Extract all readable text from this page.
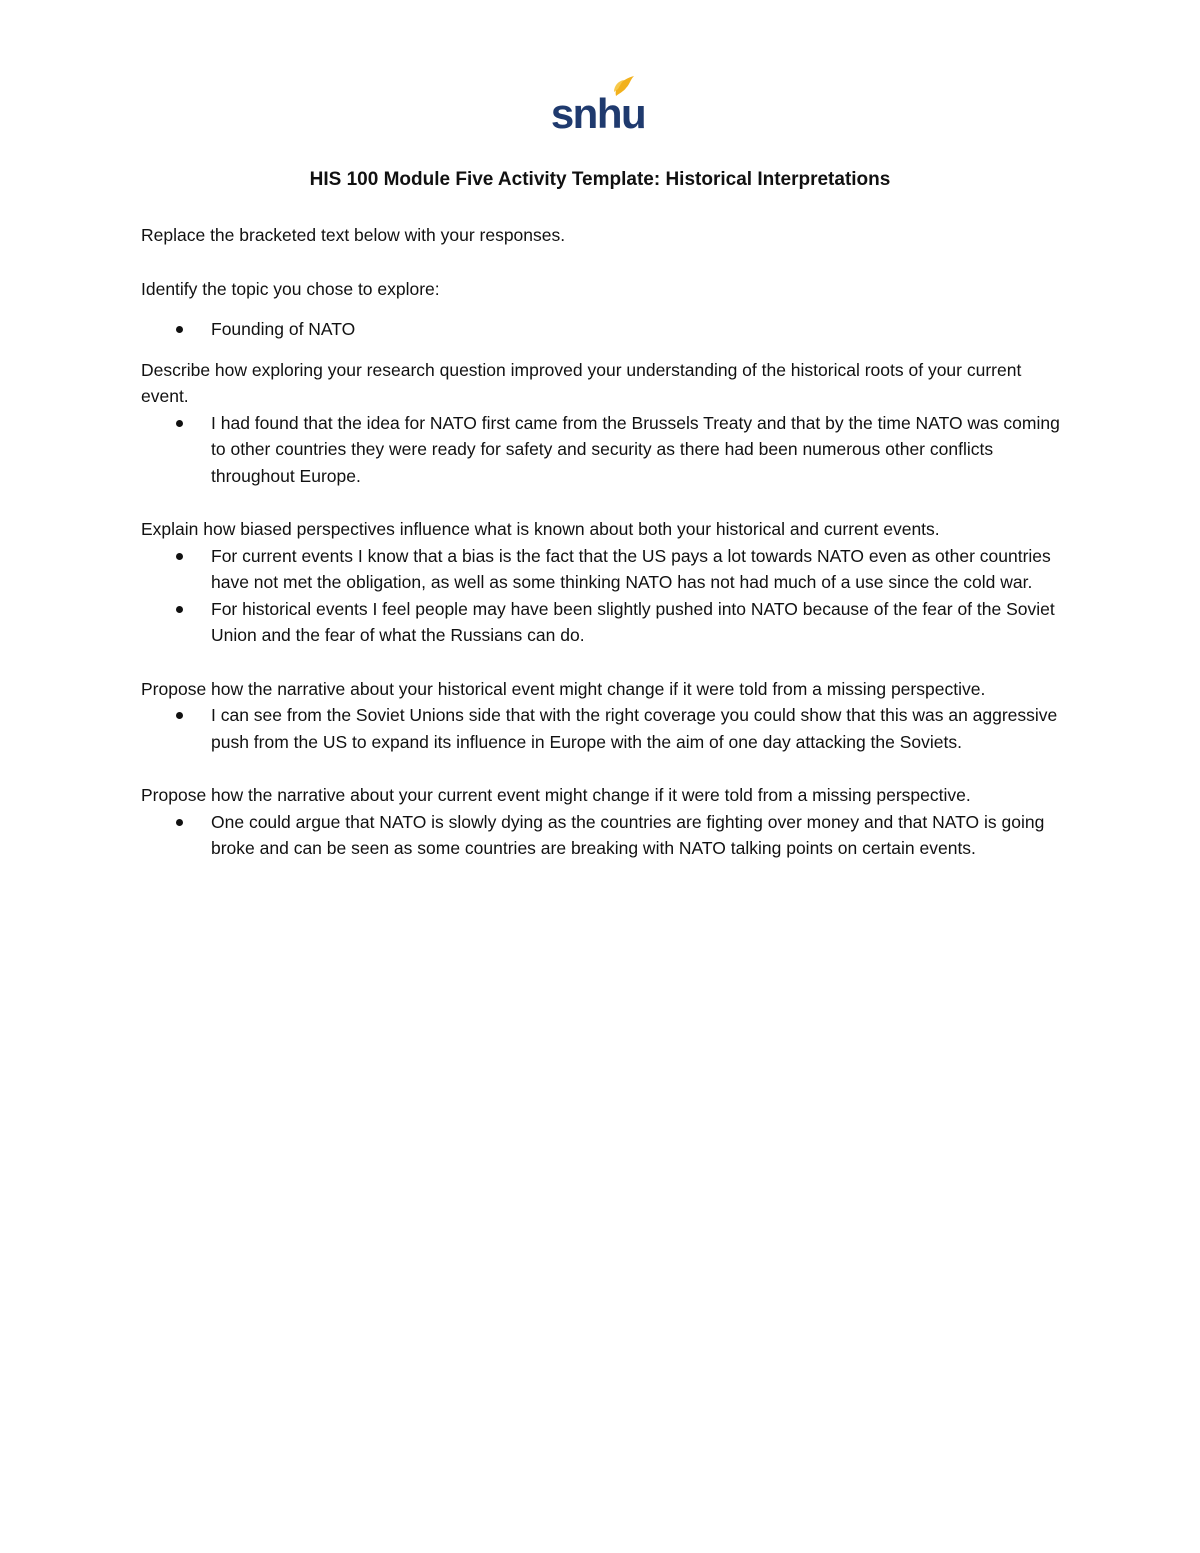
snhu
HIS 100 Module Five Activity Template: Historical Interpretations

Replace the bracketed text below with your responses.

Identify the topic you chose to explore:

Founding of NATO

Describe how exploring your research question improved your understanding of the historical roots of your current event.

I had found that the idea for NATO first came from the Brussels Treaty and that by the time NATO was coming to other countries they were ready for safety and security as there had been numerous other conflicts throughout Europe.

Explain how biased perspectives influence what is known about both your historical and current events.

For current events I know that a bias is the fact that the US pays a lot towards NATO even as other countries have not met the obligation, as well as some thinking NATO has not had much of a use since the cold war.
For historical events I feel people may have been slightly pushed into NATO because of the fear of the Soviet Union and the fear of what the Russians can do.

Propose how the narrative about your historical event might change if it were told from a missing perspective.

I can see from the Soviet Unions side that with the right coverage you could show that this was an aggressive push from the US to expand its influence in Europe with the aim of one day attacking the Soviets.

Propose how the narrative about your current event might change if it were told from a missing perspective.

One could argue that NATO is slowly dying as the countries are fighting over money and that NATO is going broke and can be seen as some countries are breaking with NATO talking points on certain events.
